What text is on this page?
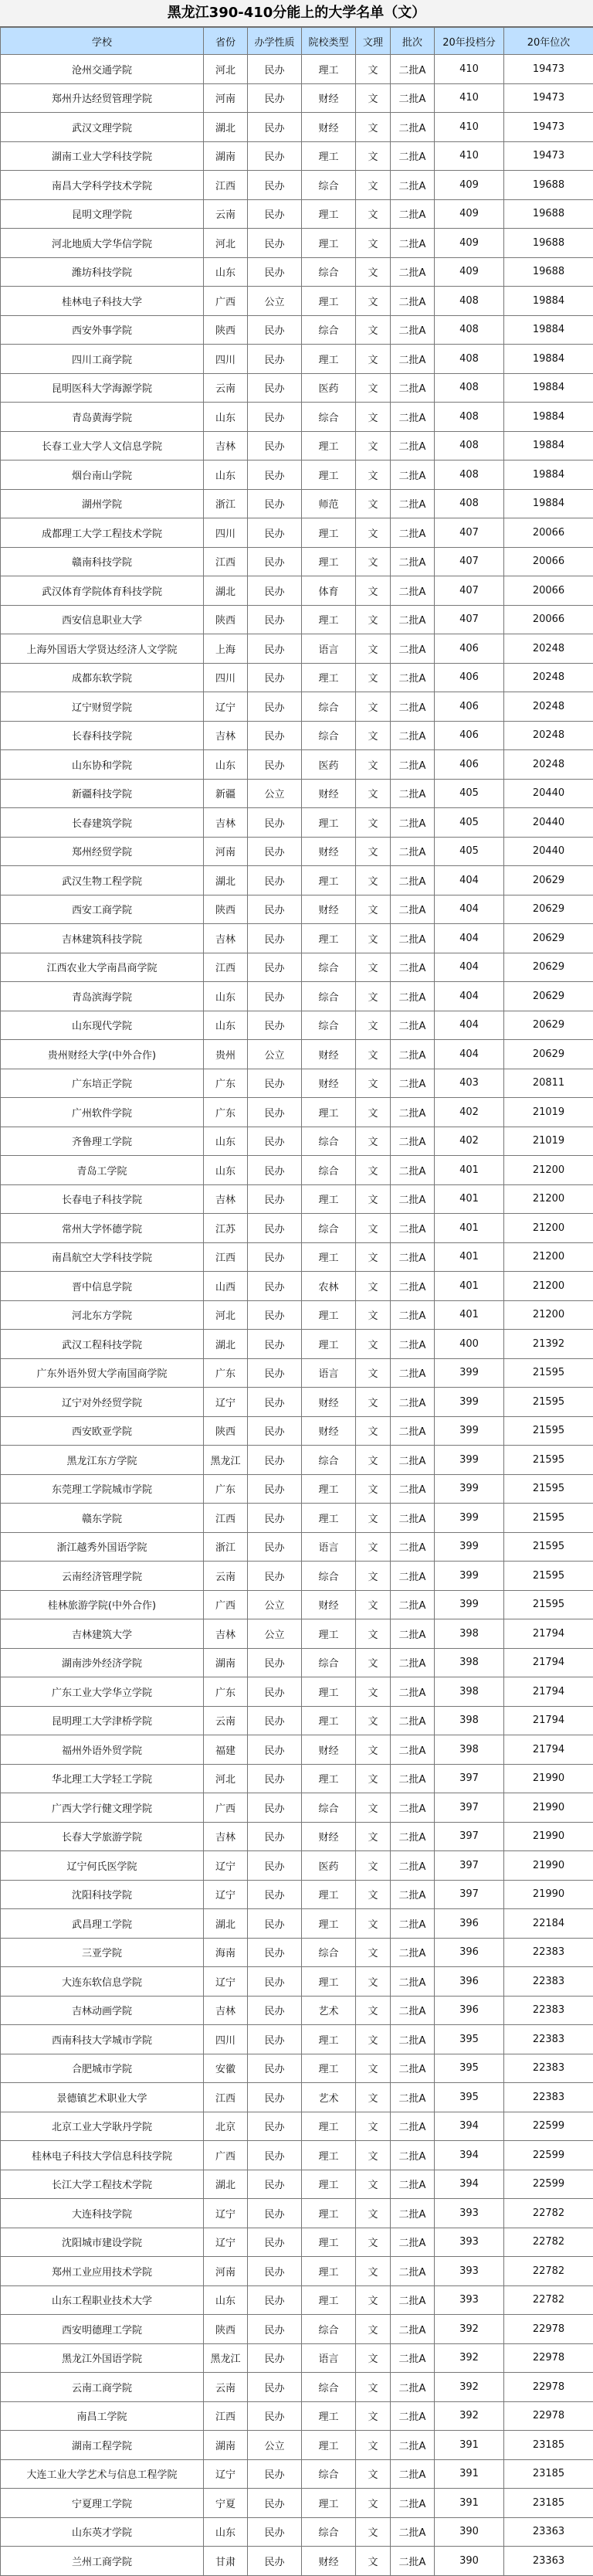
黑龙江390-410分能上的大学名单（文）
学校	省份	办学性质	院校类型	文理	批次	20年投档分	20年位次
沧州交通学院	河北	民办	理工	文	二批A	410	19473
郑州升达经贸管理学院	河南	民办	财经	文	二批A	410	19473
武汉文理学院	湖北	民办	财经	文	二批A	410	19473
湖南工业大学科技学院	湖南	民办	理工	文	二批A	410	19473
南昌大学科学技术学院	江西	民办	综合	文	二批A	409	19688
昆明文理学院	云南	民办	理工	文	二批A	409	19688
河北地质大学华信学院	河北	民办	理工	文	二批A	409	19688
潍坊科技学院	山东	民办	综合	文	二批A	409	19688
桂林电子科技大学	广西	公立	理工	文	二批A	408	19884
西安外事学院	陕西	民办	综合	文	二批A	408	19884
四川工商学院	四川	民办	理工	文	二批A	408	19884
昆明医科大学海源学院	云南	民办	医药	文	二批A	408	19884
青岛黄海学院	山东	民办	综合	文	二批A	408	19884
长春工业大学人文信息学院	吉林	民办	理工	文	二批A	408	19884
烟台南山学院	山东	民办	理工	文	二批A	408	19884
湖州学院	浙江	民办	师范	文	二批A	408	19884
成都理工大学工程技术学院	四川	民办	理工	文	二批A	407	20066
赣南科技学院	江西	民办	理工	文	二批A	407	20066
武汉体育学院体育科技学院	湖北	民办	体育	文	二批A	407	20066
西安信息职业大学	陕西	民办	理工	文	二批A	407	20066
上海外国语大学贤达经济人文学院	上海	民办	语言	文	二批A	406	20248
成都东软学院	四川	民办	理工	文	二批A	406	20248
辽宁财贸学院	辽宁	民办	综合	文	二批A	406	20248
长春科技学院	吉林	民办	综合	文	二批A	406	20248
山东协和学院	山东	民办	医药	文	二批A	406	20248
新疆科技学院	新疆	公立	财经	文	二批A	405	20440
长春建筑学院	吉林	民办	理工	文	二批A	405	20440
郑州经贸学院	河南	民办	财经	文	二批A	405	20440
武汉生物工程学院	湖北	民办	理工	文	二批A	404	20629
西安工商学院	陕西	民办	财经	文	二批A	404	20629
吉林建筑科技学院	吉林	民办	理工	文	二批A	404	20629
江西农业大学南昌商学院	江西	民办	综合	文	二批A	404	20629
青岛滨海学院	山东	民办	综合	文	二批A	404	20629
山东现代学院	山东	民办	综合	文	二批A	404	20629
贵州财经大学(中外合作)	贵州	公立	财经	文	二批A	404	20629
广东培正学院	广东	民办	财经	文	二批A	403	20811
广州软件学院	广东	民办	理工	文	二批A	402	21019
齐鲁理工学院	山东	民办	综合	文	二批A	402	21019
青岛工学院	山东	民办	综合	文	二批A	401	21200
长春电子科技学院	吉林	民办	理工	文	二批A	401	21200
常州大学怀德学院	江苏	民办	综合	文	二批A	401	21200
南昌航空大学科技学院	江西	民办	理工	文	二批A	401	21200
晋中信息学院	山西	民办	农林	文	二批A	401	21200
河北东方学院	河北	民办	理工	文	二批A	401	21200
武汉工程科技学院	湖北	民办	理工	文	二批A	400	21392
广东外语外贸大学南国商学院	广东	民办	语言	文	二批A	399	21595
辽宁对外经贸学院	辽宁	民办	财经	文	二批A	399	21595
西安欧亚学院	陕西	民办	财经	文	二批A	399	21595
黑龙江东方学院	黑龙江	民办	综合	文	二批A	399	21595
东莞理工学院城市学院	广东	民办	理工	文	二批A	399	21595
赣东学院	江西	民办	理工	文	二批A	399	21595
浙江越秀外国语学院	浙江	民办	语言	文	二批A	399	21595
云南经济管理学院	云南	民办	综合	文	二批A	399	21595
桂林旅游学院(中外合作)	广西	公立	财经	文	二批A	399	21595
吉林建筑大学	吉林	公立	理工	文	二批A	398	21794
湖南涉外经济学院	湖南	民办	综合	文	二批A	398	21794
广东工业大学华立学院	广东	民办	理工	文	二批A	398	21794
昆明理工大学津桥学院	云南	民办	理工	文	二批A	398	21794
福州外语外贸学院	福建	民办	财经	文	二批A	398	21794
华北理工大学轻工学院	河北	民办	理工	文	二批A	397	21990
广西大学行健文理学院	广西	民办	综合	文	二批A	397	21990
长春大学旅游学院	吉林	民办	财经	文	二批A	397	21990
辽宁何氏医学院	辽宁	民办	医药	文	二批A	397	21990
沈阳科技学院	辽宁	民办	理工	文	二批A	397	21990
武昌理工学院	湖北	民办	理工	文	二批A	396	22184
三亚学院	海南	民办	综合	文	二批A	396	22383
大连东软信息学院	辽宁	民办	理工	文	二批A	396	22383
吉林动画学院	吉林	民办	艺术	文	二批A	396	22383
西南科技大学城市学院	四川	民办	理工	文	二批A	395	22383
合肥城市学院	安徽	民办	理工	文	二批A	395	22383
景德镇艺术职业大学	江西	民办	艺术	文	二批A	395	22383
北京工业大学耿丹学院	北京	民办	理工	文	二批A	394	22599
桂林电子科技大学信息科技学院	广西	民办	理工	文	二批A	394	22599
长江大学工程技术学院	湖北	民办	理工	文	二批A	394	22599
大连科技学院	辽宁	民办	理工	文	二批A	393	22782
沈阳城市建设学院	辽宁	民办	理工	文	二批A	393	22782
郑州工业应用技术学院	河南	民办	理工	文	二批A	393	22782
山东工程职业技术大学	山东	民办	理工	文	二批A	393	22782
西安明德理工学院	陕西	民办	综合	文	二批A	392	22978
黑龙江外国语学院	黑龙江	民办	语言	文	二批A	392	22978
云南工商学院	云南	民办	综合	文	二批A	392	22978
南昌工学院	江西	民办	理工	文	二批A	392	22978
湖南工程学院	湖南	公立	理工	文	二批A	391	23185
大连工业大学艺术与信息工程学院	辽宁	民办	综合	文	二批A	391	23185
宁夏理工学院	宁夏	民办	理工	文	二批A	391	23185
山东英才学院	山东	民办	综合	文	二批A	390	23363
兰州工商学院	甘肃	民办	财经	文	二批A	390	23363
